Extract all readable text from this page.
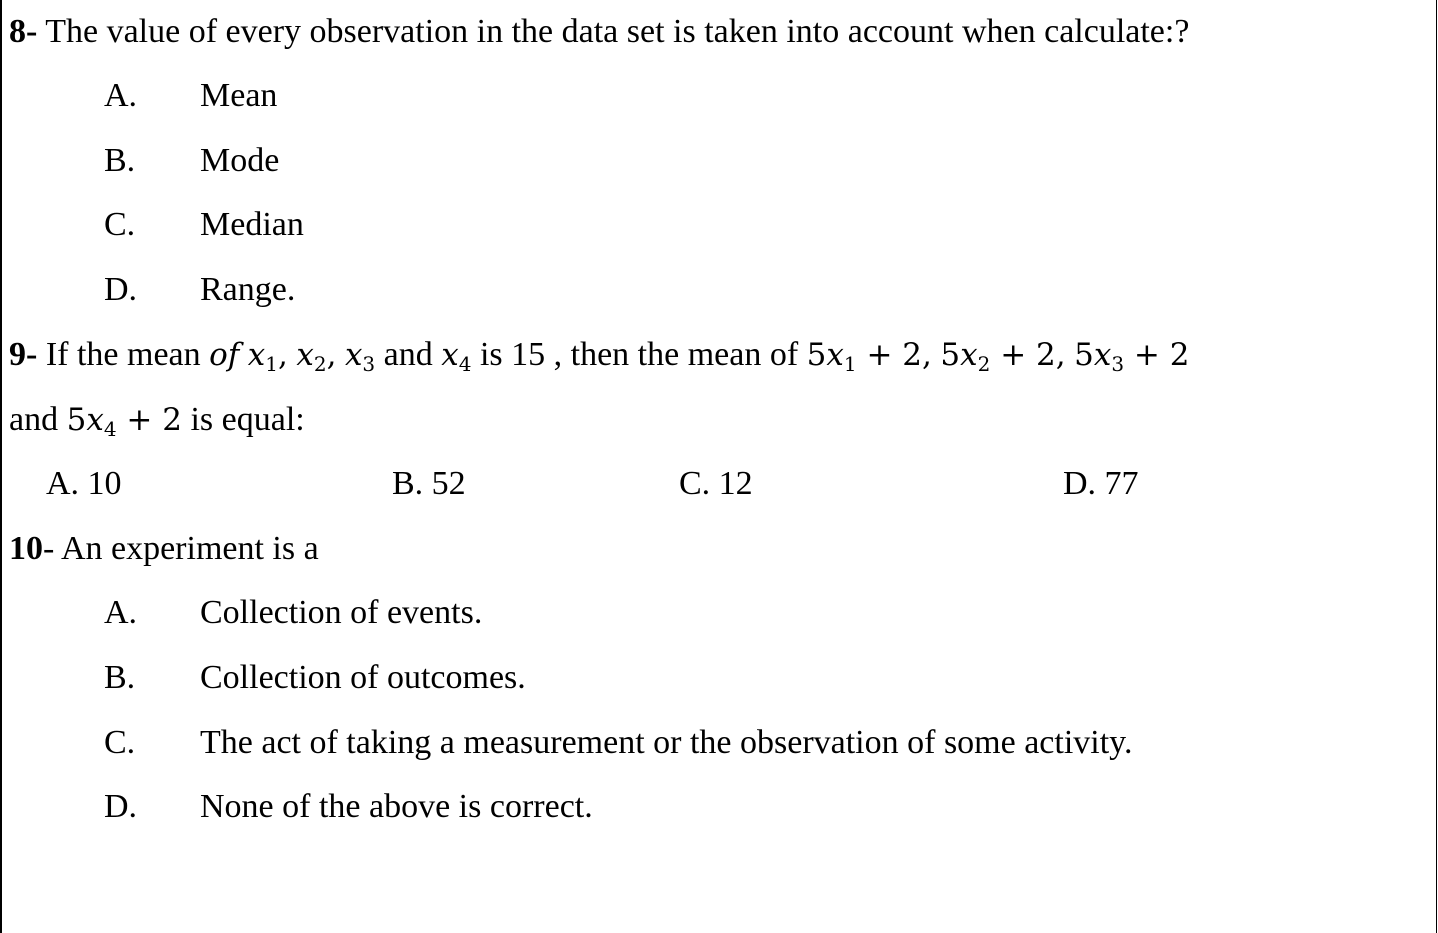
8- The value of every observation in the data set is taken into account when calculate:?
A. Mean
B. Mode
C. Median
D. Range.
9- If the mean of $x_1$, $x_2$, $x_3$ and $x_4$ is 15 , then the mean of $5x_1 + 2$, $5x_2 + 2$, $5x_3 + 2$
and $5x_4 + 2$ is equal:
A. 10	B. 52	C. 12	D. 77
10- An experiment is a
A. Collection of events.
B. Collection of outcomes.
C. The act of taking a measurement or the observation of some activity.
D. None of the above is correct.
